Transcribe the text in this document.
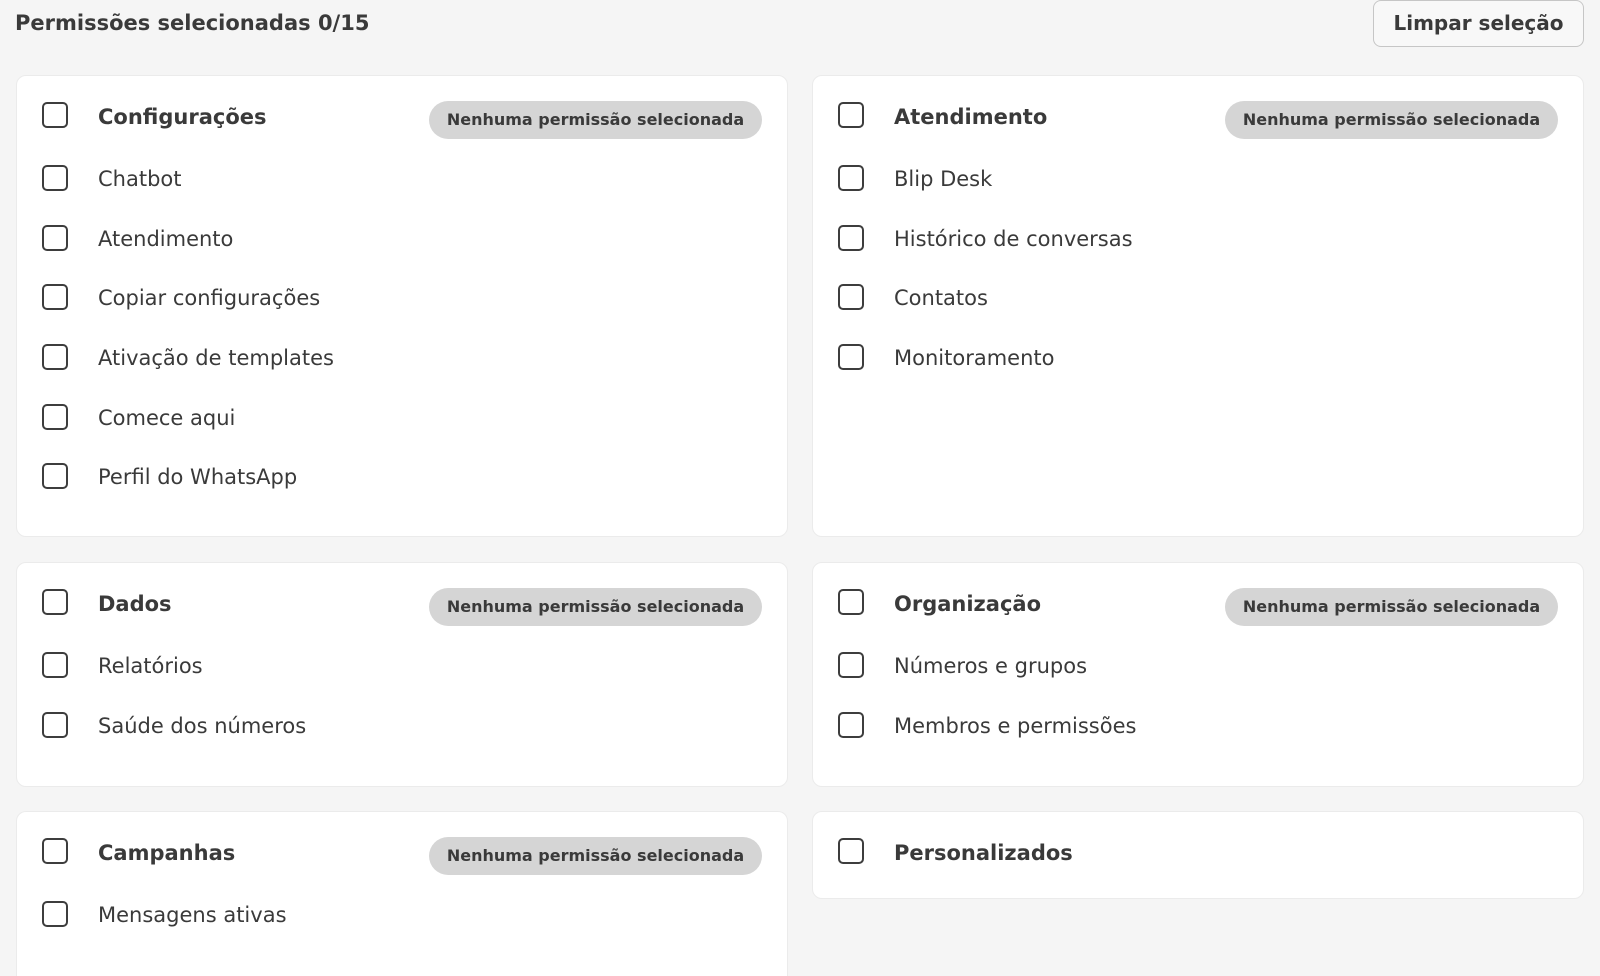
Permissões selecionadas 0/15	Limpar seleção
Configurações	Nenhuma permissão selecionada
Chatbot
Atendimento
Copiar configurações
Ativação de templates
Comece aqui
Perfil do WhatsApp
Atendimento	Nenhuma permissão selecionada
Blip Desk
Histórico de conversas
Contatos
Monitoramento
Dados	Nenhuma permissão selecionada
Relatórios
Saúde dos números
Organização	Nenhuma permissão selecionada
Números e grupos
Membros e permissões
Campanhas	Nenhuma permissão selecionada
Mensagens ativas
Personalizados
